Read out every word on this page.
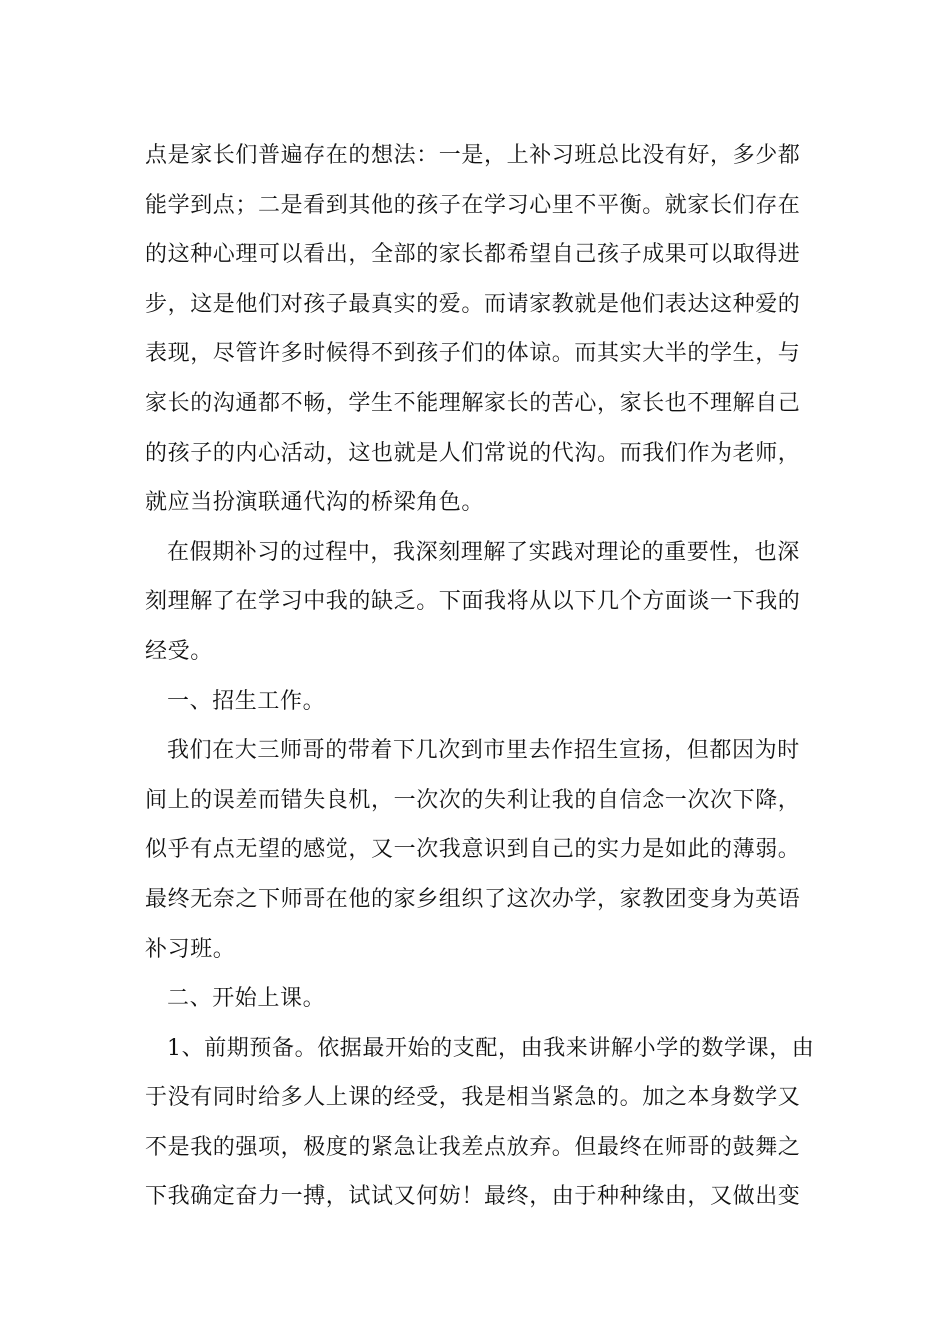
点是家长们普遍存在的想法：一是，上补习班总比没有好，多少都
能学到点；二是看到其他的孩子在学习心里不平衡。就家长们存在
的这种心理可以看出，全部的家长都希望自己孩子成果可以取得进
步，这是他们对孩子最真实的爱。而请家教就是他们表达这种爱的
表现，尽管许多时候得不到孩子们的体谅。而其实大半的学生，与
家长的沟通都不畅，学生不能理解家长的苦心，家长也不理解自己
的孩子的内心活动，这也就是人们常说的代沟。而我们作为老师，
就应当扮演联通代沟的桥梁角色。
在假期补习的过程中，我深刻理解了实践对理论的重要性，也深
刻理解了在学习中我的缺乏。下面我将从以下几个方面谈一下我的
经受。
一、招生工作。
我们在大三师哥的带着下几次到市里去作招生宣扬，但都因为时
间上的误差而错失良机，一次次的失利让我的自信念一次次下降，
似乎有点无望的感觉，又一次我意识到自己的实力是如此的薄弱。
最终无奈之下师哥在他的家乡组织了这次办学，家教团变身为英语
补习班。
二、开始上课。
1、前期预备。依据最开始的支配，由我来讲解小学的数学课，由
于没有同时给多人上课的经受，我是相当紧急的。加之本身数学又
不是我的强项，极度的紧急让我差点放弃。但最终在师哥的鼓舞之
下我确定奋力一搏，试试又何妨！最终，由于种种缘由，又做出变
